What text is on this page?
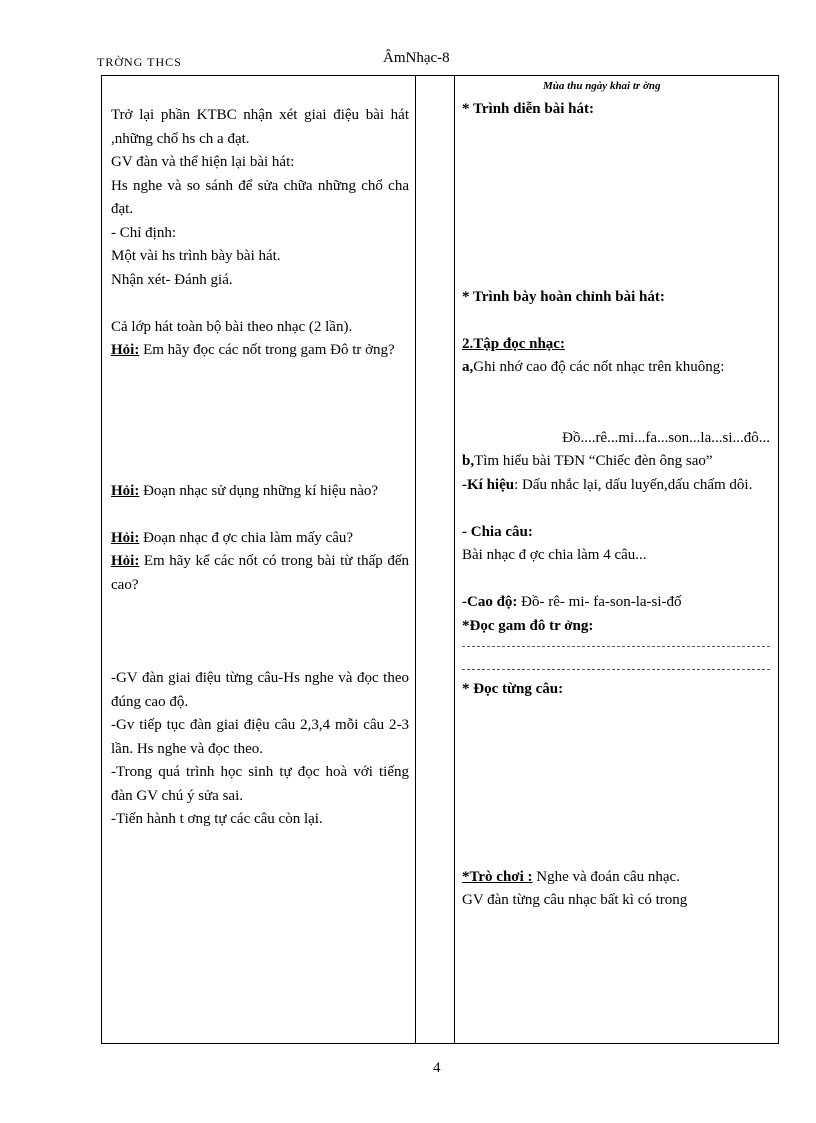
TRỜNG THCS	ÂmNhạc-8

Trở lại phần KTBC nhận xét giai điệu bài hát ,những chổ hs ch a đạt.

GV đàn và thể hiện lại bài hát:

Hs nghe và so sánh để sửa chữa những chổ cha đạt.

- Chỉ định:

Một vài hs trình bày bài hát.

Nhận xét- Đánh giá.

Cả lớp hát toàn bộ bài theo nhạc (2 lần).

Hỏi: Em hãy đọc các nốt trong gam Đô tr ởng?

Hỏi: Đoạn nhạc sử dụng những kí hiệu nào?

Hỏi: Đoạn nhạc đ ợc chia làm mấy câu?

Hỏi: Em hãy kể các nốt có trong bài từ thấp đến cao?

-GV đàn giai điệu từng câu-Hs nghe và đọc theo đúng cao độ.

-Gv tiếp tục đàn giai điệu câu 2,3,4 mỗi câu 2-3 lần. Hs nghe và đọc theo.

-Trong quá trình học sinh tự đọc hoà với tiếng đàn GV chú ý sửa sai.

-Tiến hành t ơng tự các câu còn lại.

* Trình diễn bài hát:

* Trình bày hoàn chỉnh bài hát:

2.Tập đọc nhạc:

a,Ghi nhớ cao độ các nốt nhạc trên khuông:

Đồ....rê...mi...fa...son...la...si...đô...

b,Tìm hiểu bài TĐN “Chiếc đèn ông sao”

-Kí hiệu: Dấu nhắc lại, dấu luyến,dấu chấm dôi.

- Chia câu:

Bài nhạc đ ợc chia làm 4 câu...

-Cao độ: Đồ- rê- mi- fa-son-la-si-đố

*Đọc gam đô tr ởng:

* Đọc từng câu:

*Trò chơi : Nghe và đoán câu nhạc.

GV đàn từng câu nhạc bất kì có trong

Mùa thu ngày khai tr ờng
4
